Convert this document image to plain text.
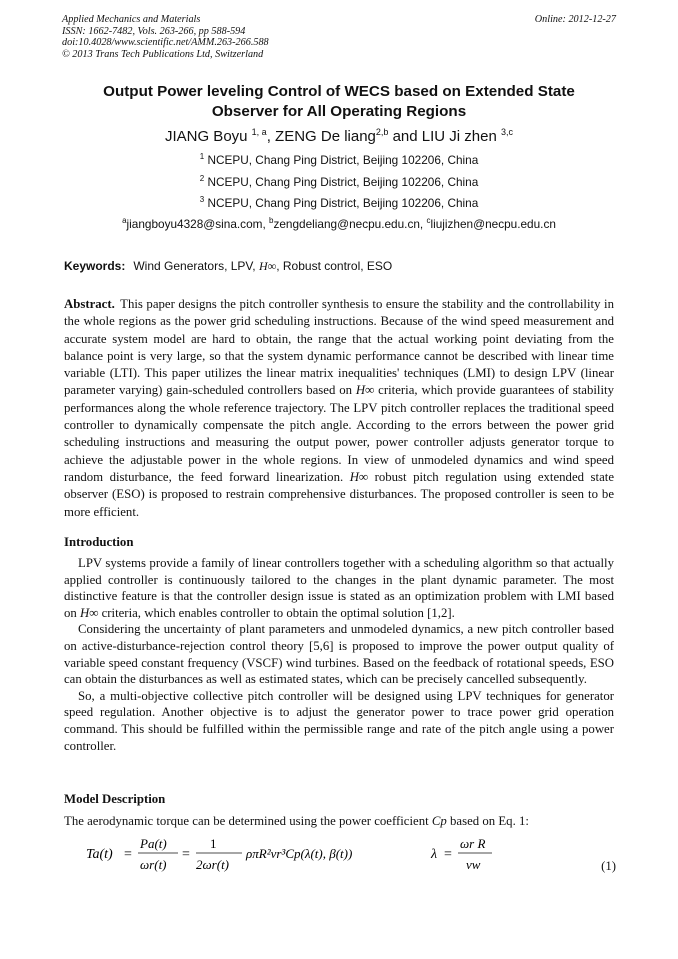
Applied Mechanics and Materials
ISSN: 1662-7482, Vols. 263-266, pp 588-594
doi:10.4028/www.scientific.net/AMM.263-266.588
© 2013 Trans Tech Publications Ltd, Switzerland
Online: 2012-12-27
Output Power leveling Control of WECS based on Extended State
Observer for All Operating Regions
JIANG Boyu $^{1, a}$, ZENG De liang$^{2,b}$ and LIU Ji zhen $^{3,c}$
$^1$ NCEPU, Chang Ping District, Beijing 102206, China
$^2$ NCEPU, Chang Ping District, Beijing 102206, China
$^3$ NCEPU, Chang Ping District, Beijing 102206, China
$^a$jiangboyu4328@sina.com, $^b$zengdeliang@necpu.edu.cn, $^c$liujizhen@necpu.edu.cn
Keywords: Wind Generators, LPV, H∞, Robust control, ESO
Abstract. This paper designs the pitch controller synthesis to ensure the stability and the controllability in the whole regions as the power grid scheduling instructions. Because of the wind speed measurement and accurate system model are hard to obtain, the range that the actual working point deviating from the balance point is very large, so that the system dynamic performance cannot be described with linear time variable (LTI). This paper utilizes the linear matrix inequalities' techniques (LMI) to design LPV (linear parameter varying) gain-scheduled controllers based on H∞ criteria, which provide guarantees of stability performances along the whole reference trajectory. The LPV pitch controller replaces the traditional speed controller to dynamically compensate the pitch angle. According to the errors between the power grid scheduling instructions and measuring the output power, power controller adjusts generator torque to achieve the adjustable power in the whole regions. In view of unmodeled dynamics and wind speed random disturbance, the feed forward linearization. H∞ robust pitch regulation using extended state observer (ESO) is proposed to restrain comprehensive disturbances. The proposed controller is seen to be more efficient.
Introduction

LPV systems provide a family of linear controllers together with a scheduling algorithm so that actually applied controller is continuously tailored to the changes in the plant dynamic parameter. The most distinctive feature is that the controller design issue is stated as an optimization problem with LMI based on H∞ criteria, which enables controller to obtain the optimal solution [1,2].

Considering the uncertainty of plant parameters and unmodeled dynamics, a new pitch controller based on active-disturbance-rejection control theory [5,6] is proposed to improve the power output quality of variable speed constant frequency (VSCF) wind turbines. Based on the feedback of rotational speeds, ESO can obtain the disturbances as well as estimated states, which can be precisely cancelled subsequently.

So, a multi-objective collective pitch controller will be designed using LPV techniques for generator speed regulation. Another objective is to adjust the generator power to trace power grid operation command. This should be fulfilled within the permissible range and rate of the pitch angle using a power controller.

Model Description
The aerodynamic torque can be determined using the power coefficient Cp based on Eq. 1:
Ta(t) =
Pa(t)
ωr(t)
=
1
2ωr(t)
ρπR²vr³Cp(λ(t), β(t))	λ =
ωr R
vw	(1)
